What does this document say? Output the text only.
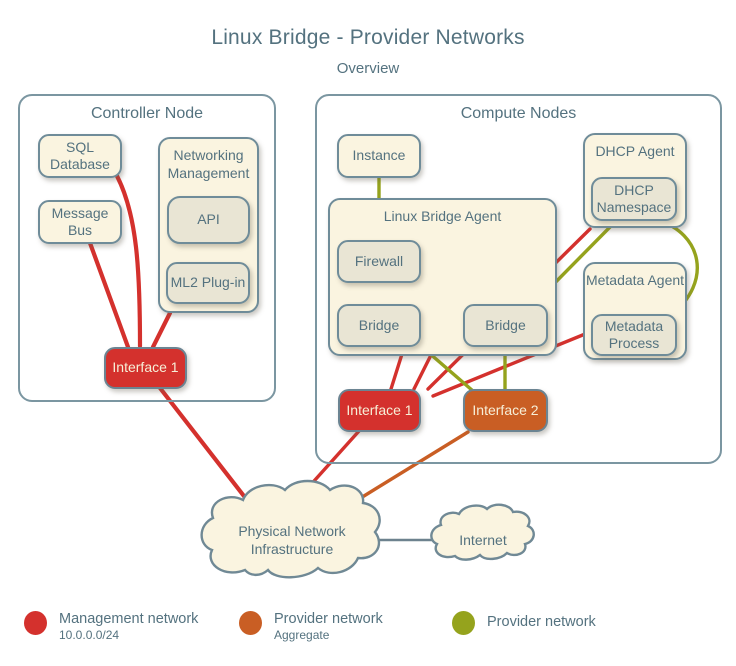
Linux Bridge - Provider Networks
Overview
Physical Network Infrastructure
Internet
Controller Node
SQL Database
Message Bus
Networking Management
API
ML2 Plug-in
Interface 1
Compute Nodes
Instance
Linux Bridge Agent
Firewall
Bridge	Bridge
DHCP Agent
DHCP Namespace
Metadata Agent
Metadata Process
Interface 1	Interface 2
Management network
10.0.0.0/24
Provider network
Aggregate
Provider network
